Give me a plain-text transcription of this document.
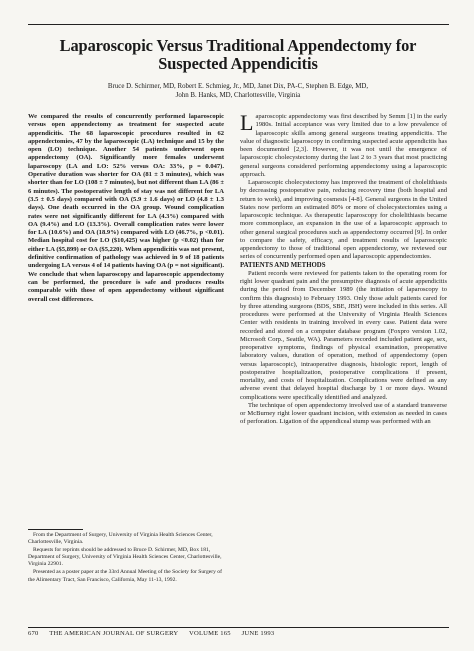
Laparoscopic Versus Traditional Appendectomy for
Suspected Appendicitis
Bruce D. Schirmer, MD, Robert E. Schmieg, Jr., MD, Janet Dix, PA-C, Stephen B. Edge, MD,
John B. Hanks, MD, Charlottesville, Virginia

We compared the results of concurrently performed laparoscopic versus open appendectomy as treatment for suspected acute appendicitis. The 68 laparoscopic procedures resulted in 62 appendectomies, 47 by the laparoscopic (LA) technique and 15 by the open (LO) technique. Another 54 patients underwent open appendectomy (OA). Significantly more females underwent laparoscopy (LA and LO: 52% versus OA: 33%, p = 0.047). Operative duration was shorter for OA (81 ± 3 minutes), which was shorter than for LO (108 ± 7 minutes), but not different than LA (86 ± 6 minutes). The postoperative length of stay was not different for LA (3.5 ± 0.5 days) compared with OA (5.9 ± 1.6 days) or LO (4.8 ± 1.3 days). One death occurred in the OA group. Wound complication rates were not significantly different for LA (4.3%) compared with OA (9.4%) and LO (13.3%). Overall complication rates were lower for LA (10.6%) and OA (18.9%) compared with LO (46.7%, p <0.01). Median hospital cost for LO ($10,425) was higher (p <0.02) than for either LA ($5,899) or OA ($5,220). When appendicitis was not present, definitive confirmation of pathology was achieved in 9 of 18 patients undergoing LA versus 4 of 14 patients having OA (p = not significant). We conclude that when laparoscopy and laparoscopic appendectomy can be performed, the procedure is safe and produces results comparable with those of open appendectomy without significant overall cost differences.

Laparoscopic appendectomy was first described by Semm [1] in the early 1980s. Initial acceptance was very limited due to a low prevalence of laparoscopic skills among general surgeons treating appendicitis. The value of diagnostic laparoscopy in confirming suspected acute appendicitis has been documented [2,3]. However, it was not until the emergence of laparoscopic cholecystectomy during the last 2 to 3 years that most practicing general surgeons considered performing appendectomy using a laparoscopic approach.

Laparoscopic cholecystectomy has improved the treatment of cholelithiasis by decreasing postoperative pain, reducing recovery time (both hospital and return to work), and improving cosmesis [4-8]. General surgeons in the United States now perform an estimated 80% or more of cholecystectomies using a laparoscopic technique. As therapeutic laparoscopy for cholelithiasis became more commonplace, an expansion in the use of a laparoscopic approach to other general surgical procedures such as appendectomy occurred [9]. In order to compare the safety, efficacy, and treatment results of laparoscopic appendectomy to those of traditional open appendectomy, we reviewed our series of concurrently performed open and laparoscopic appendectomies.

PATIENTS AND METHODS

Patient records were reviewed for patients taken to the operating room for right lower quadrant pain and the presumptive diagnosis of acute appendicitis during the period from December 1989 (the initiation of laparoscopy to confirm this diagnosis) to February 1993. Only those adult patients cared for by three attending surgeons (BDS, SBE, JBH) were included in this series. All procedures were performed at the University of Virginia Health Sciences Center with residents in training involved in every case. Patient data were recorded and stored on a computer database program (Foxpro version 1.02, Microsoft Corp., Seattle, WA). Parameters recorded included patient age, sex, preoperative symptoms, findings of physical examination, preoperative laboratory values, duration of operation, method of appendectomy (open versus laparoscopic), intraoperative diagnosis, histologic report, length of postoperative hospitalization, postoperative complications if present, mortality, and costs of hospitalization. Complications were defined as any adverse event that delayed hospital discharge by 1 or more days. Wound complications were specifically identified and analyzed.

The technique of open appendectomy involved use of a standard transverse or McBurney right lower quadrant incision, with extension as needed in cases of perforation. Ligation of the appendiceal stump was performed with an

From the Department of Surgery, University of Virginia Health Sciences Center, Charlottesville, Virginia.

Requests for reprints should be addressed to Bruce D. Schirmer, MD, Box 181, Department of Surgery, University of Virginia Health Sciences Center, Charlottesville, Virginia 22901.

Presented as a poster paper at the 33rd Annual Meeting of the Society for Surgery of the Alimentary Tract, San Francisco, California, May 11-13, 1992.

670 THE AMERICAN JOURNAL OF SURGERY VOLUME 165 JUNE 1993
